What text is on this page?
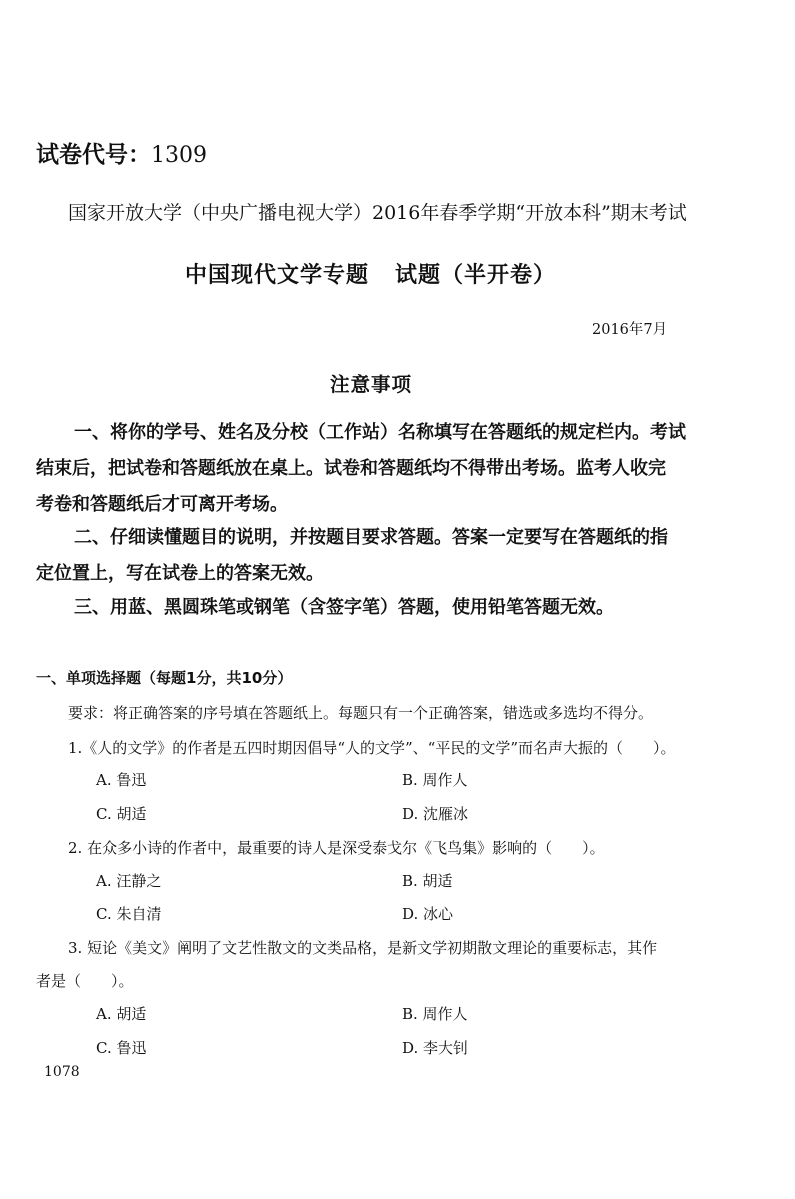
试卷代号：1309
国家开放大学（中央广播电视大学）2016年春季学期“开放本科”期末考试
中国现代文学专题 试题（半开卷）
2016年7月
注意事项
一、将你的学号、姓名及分校（工作站）名称填写在答题纸的规定栏内。考试
结束后，把试卷和答题纸放在桌上。试卷和答题纸均不得带出考场。监考人收完
考卷和答题纸后才可离开考场。
二、仔细读懂题目的说明，并按题目要求答题。答案一定要写在答题纸的指
定位置上，写在试卷上的答案无效。
三、用蓝、黑圆珠笔或钢笔（含签字笔）答题，使用铅笔答题无效。
一、单项选择题（每题1分，共10分）
要求：将正确答案的序号填在答题纸上。每题只有一个正确答案，错选或多选均不得分。
1.《人的文学》的作者是五四时期因倡导“人的文学”、“平民的文学”而名声大振的（　　）。
A. 鲁迅	B. 周作人
C. 胡适	D. 沈雁冰
2. 在众多小诗的作者中，最重要的诗人是深受泰戈尔《飞鸟集》影响的（　　）。
A. 汪静之	B. 胡适
C. 朱自清	D. 冰心
3. 短论《美文》阐明了文艺性散文的文类品格，是新文学初期散文理论的重要标志，其作
者是（　　）。
A. 胡适	B. 周作人
C. 鲁迅	D. 李大钊
1078
